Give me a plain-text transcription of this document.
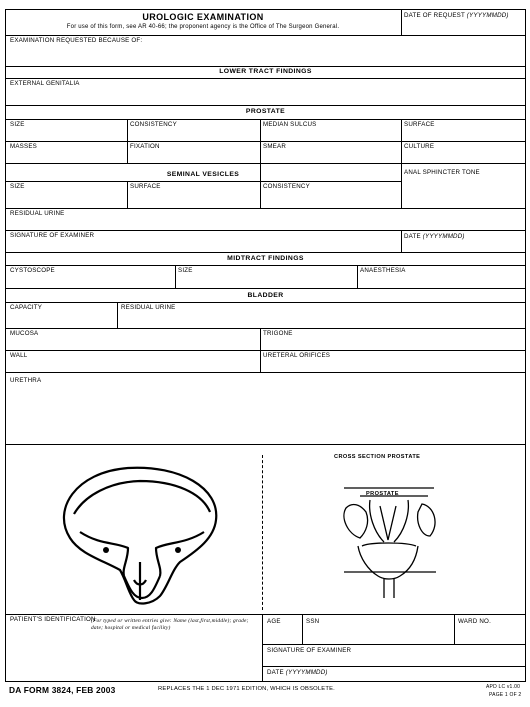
UROLOGIC EXAMINATION
For use of this form, see AR 40-66; the proponent agency is the Office of The Surgeon General.
DATE OF REQUEST (YYYYMMDD)
EXAMINATION REQUESTED BECAUSE OF:
LOWER TRACT FINDINGS
EXTERNAL GENITALIA
PROSTATE
SIZE	CONSISTENCY	MEDIAN SULCUS	SURFACE
MASSES	FIXATION	SMEAR	CULTURE
SEMINAL VESICLES	ANAL SPHINCTER TONE
SIZE	SURFACE	CONSISTENCY
RESIDUAL URINE
SIGNATURE OF EXAMINER	DATE (YYYYMMDD)
MIDTRACT FINDINGS
CYSTOSCOPE	SIZE	ANAESTHESIA
BLADDER
CAPACITY	RESIDUAL URINE
MUCOSA	TRIGONE
WALL	URETERAL ORIFICES
URETHRA
CROSS SECTION PROSTATE
PROSTATE
PATIENT'S IDENTIFICATION
(For typed or written entries give: Name (last,first,middle); grade; date; hospital or medical facility)
AGE	SSN	WARD NO.
SIGNATURE OF EXAMINER
DATE (YYYYMMDD)
DA FORM 3824, FEB 2003	REPLACES THE 1 DEC 1971 EDITION, WHICH IS OBSOLETE.	APD LC v1.00
PAGE 1 OF 2
